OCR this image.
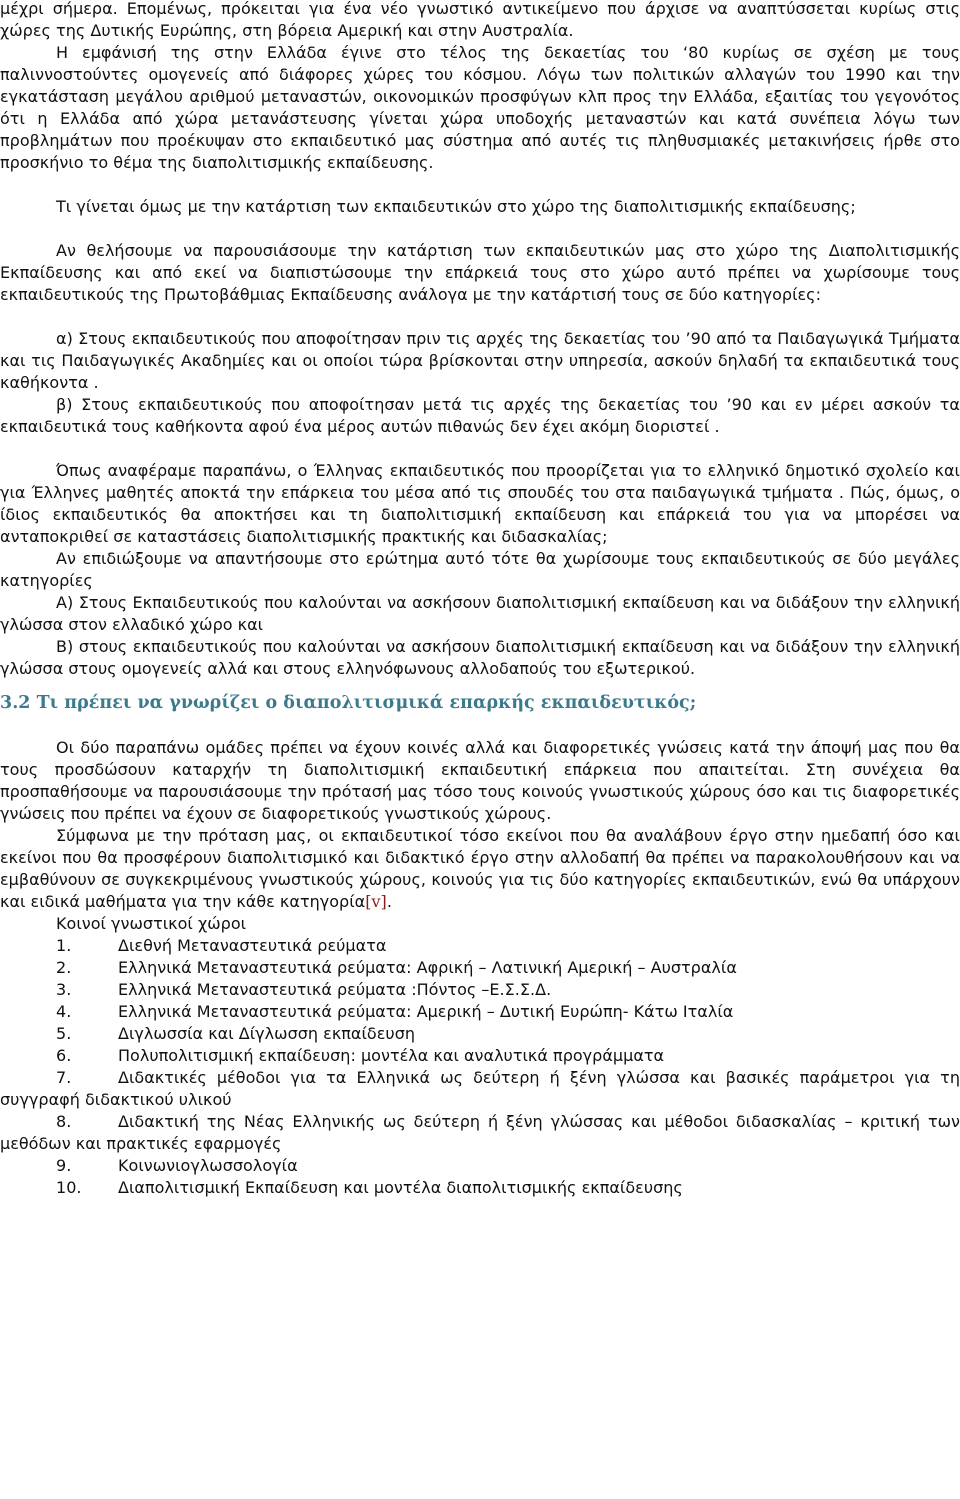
μέχρι σήμερα. Επομένως, πρόκειται για ένα νέο γνωστικό αντικείμενο που άρχισε να αναπτύσσεται κυρίως στις χώρες της Δυτικής Ευρώπης, στη βόρεια Αμερική και στην Αυστραλία.

Η εμφάνισή της στην Ελλάδα έγινε στο τέλος της δεκαετίας του ‘80 κυρίως σε σχέση με τους παλιννοστούντες ομογενείς από διάφορες χώρες του κόσμου. Λόγω των πολιτικών αλλαγών του 1990 και την εγκατάσταση μεγάλου αριθμού μεταναστών, οικονομικών προσφύγων κλπ προς την Ελλάδα, εξαιτίας του γεγονότος ότι η Ελλάδα από χώρα μετανάστευσης γίνεται χώρα υποδοχής μεταναστών και κατά συνέπεια λόγω των προβλημάτων που προέκυψαν στο εκπαιδευτικό μας σύστημα από αυτές τις πληθυσμιακές μετακινήσεις ήρθε στο προσκήνιο το θέμα της διαπολιτισμικής εκπαίδευσης.

Τι γίνεται όμως με την κατάρτιση των εκπαιδευτικών στο χώρο της διαπολιτισμικής εκπαίδευσης;

Αν θελήσουμε να παρουσιάσουμε την κατάρτιση των εκπαιδευτικών μας στο χώρο της Διαπολιτισμικής Εκπαίδευσης και από εκεί να διαπιστώσουμε την επάρκειά τους στο χώρο αυτό πρέπει να χωρίσουμε τους εκπαιδευτικούς της Πρωτοβάθμιας Εκπαίδευσης ανάλογα με την κατάρτισή τους σε δύο κατηγορίες:

α) Στους εκπαιδευτικούς που αποφοίτησαν πριν τις αρχές της δεκαετίας του ’90 από τα Παιδαγωγικά Τμήματα και τις Παιδαγωγικές Ακαδημίες και οι οποίοι τώρα βρίσκονται στην υπηρεσία, ασκούν δηλαδή τα εκπαιδευτικά τους καθήκοντα .

β) Στους εκπαιδευτικούς που αποφοίτησαν μετά τις αρχές της δεκαετίας του ’90 και εν μέρει ασκούν τα εκπαιδευτικά τους καθήκοντα αφού ένα μέρος αυτών πιθανώς δεν έχει ακόμη διοριστεί .

Όπως αναφέραμε παραπάνω, ο Έλληνας εκπαιδευτικός που προορίζεται για το ελληνικό δημοτικό σχολείο και για Έλληνες μαθητές αποκτά την επάρκεια του μέσα από τις σπουδές του στα παιδαγωγικά τμήματα . Πώς, όμως, ο ίδιος εκπαιδευτικός θα αποκτήσει και τη διαπολιτισμική εκπαίδευση και επάρκειά του για να μπορέσει να ανταποκριθεί σε καταστάσεις διαπολιτισμικής πρακτικής και διδασκαλίας;

Αν επιδιώξουμε να απαντήσουμε στο ερώτημα αυτό τότε θα χωρίσουμε τους εκπαιδευτικούς σε δύο μεγάλες κατηγορίες

Α) Στους Εκπαιδευτικούς που καλούνται να ασκήσουν διαπολιτισμική εκπαίδευση και να διδάξουν την ελληνική γλώσσα στον ελλαδικό χώρο και

Β) στους εκπαιδευτικούς που καλούνται να ασκήσουν διαπολιτισμική εκπαίδευση και να διδάξουν την ελληνική γλώσσα στους ομογενείς αλλά και στους ελληνόφωνους αλλοδαπούς του εξωτερικού.

3.2 Τι πρέπει να γνωρίζει ο διαπολιτισμικά επαρκής εκπαιδευτικός;

Οι δύο παραπάνω ομάδες πρέπει να έχουν κοινές αλλά και διαφορετικές γνώσεις κατά την άποψή μας που θα τους προσδώσουν καταρχήν τη διαπολιτισμική εκπαιδευτική επάρκεια που απαιτείται. Στη συνέχεια θα προσπαθήσουμε να παρουσιάσουμε την πρότασή μας τόσο τους κοινούς γνωστικούς χώρους όσο και τις διαφορετικές γνώσεις που πρέπει να έχουν σε διαφορετικούς γνωστικούς χώρους.

Σύμφωνα με την πρόταση μας, οι εκπαιδευτικοί τόσο εκείνοι που θα αναλάβουν έργο στην ημεδαπή όσο και εκείνοι που θα προσφέρουν διαπολιτισμικό και διδακτικό έργο στην αλλοδαπή θα πρέπει να παρακολουθήσουν και να εμβαθύνουν σε συγκεκριμένους γνωστικούς χώρους, κοινούς για τις δύο κατηγορίες εκπαιδευτικών, ενώ θα υπάρχουν και ειδικά μαθήματα για την κάθε κατηγορία[v].

Κοινοί γνωστικοί χώροι

1.	Διεθνή Μεταναστευτικά ρεύματα
2.	Ελληνικά Μεταναστευτικά ρεύματα: Αφρική – Λατινική Αμερική – Αυστραλία
3.	Ελληνικά Μεταναστευτικά ρεύματα :Πόντος –Ε.Σ.Σ.Δ.
4.	Ελληνικά Μεταναστευτικά ρεύματα: Αμερική – Δυτική Ευρώπη- Κάτω Ιταλία
5.	Διγλωσσία και Δίγλωσση εκπαίδευση
6.	Πολυπολιτισμική εκπαίδευση: μοντέλα και αναλυτικά προγράμματα
7.	Διδακτικές μέθοδοι για τα Ελληνικά ως δεύτερη ή ξένη γλώσσα και βασικές παράμετροι για τη συγγραφή διδακτικού υλικού
8.	Διδακτική της Νέας Ελληνικής ως δεύτερη ή ξένη γλώσσας και μέθοδοι διδασκαλίας – κριτική των μεθόδων και πρακτικές εφαρμογές
9.	Κοινωνιογλωσσολογία
10. Διαπολιτισμική Εκπαίδευση και μοντέλα διαπολιτισμικής εκπαίδευσης
